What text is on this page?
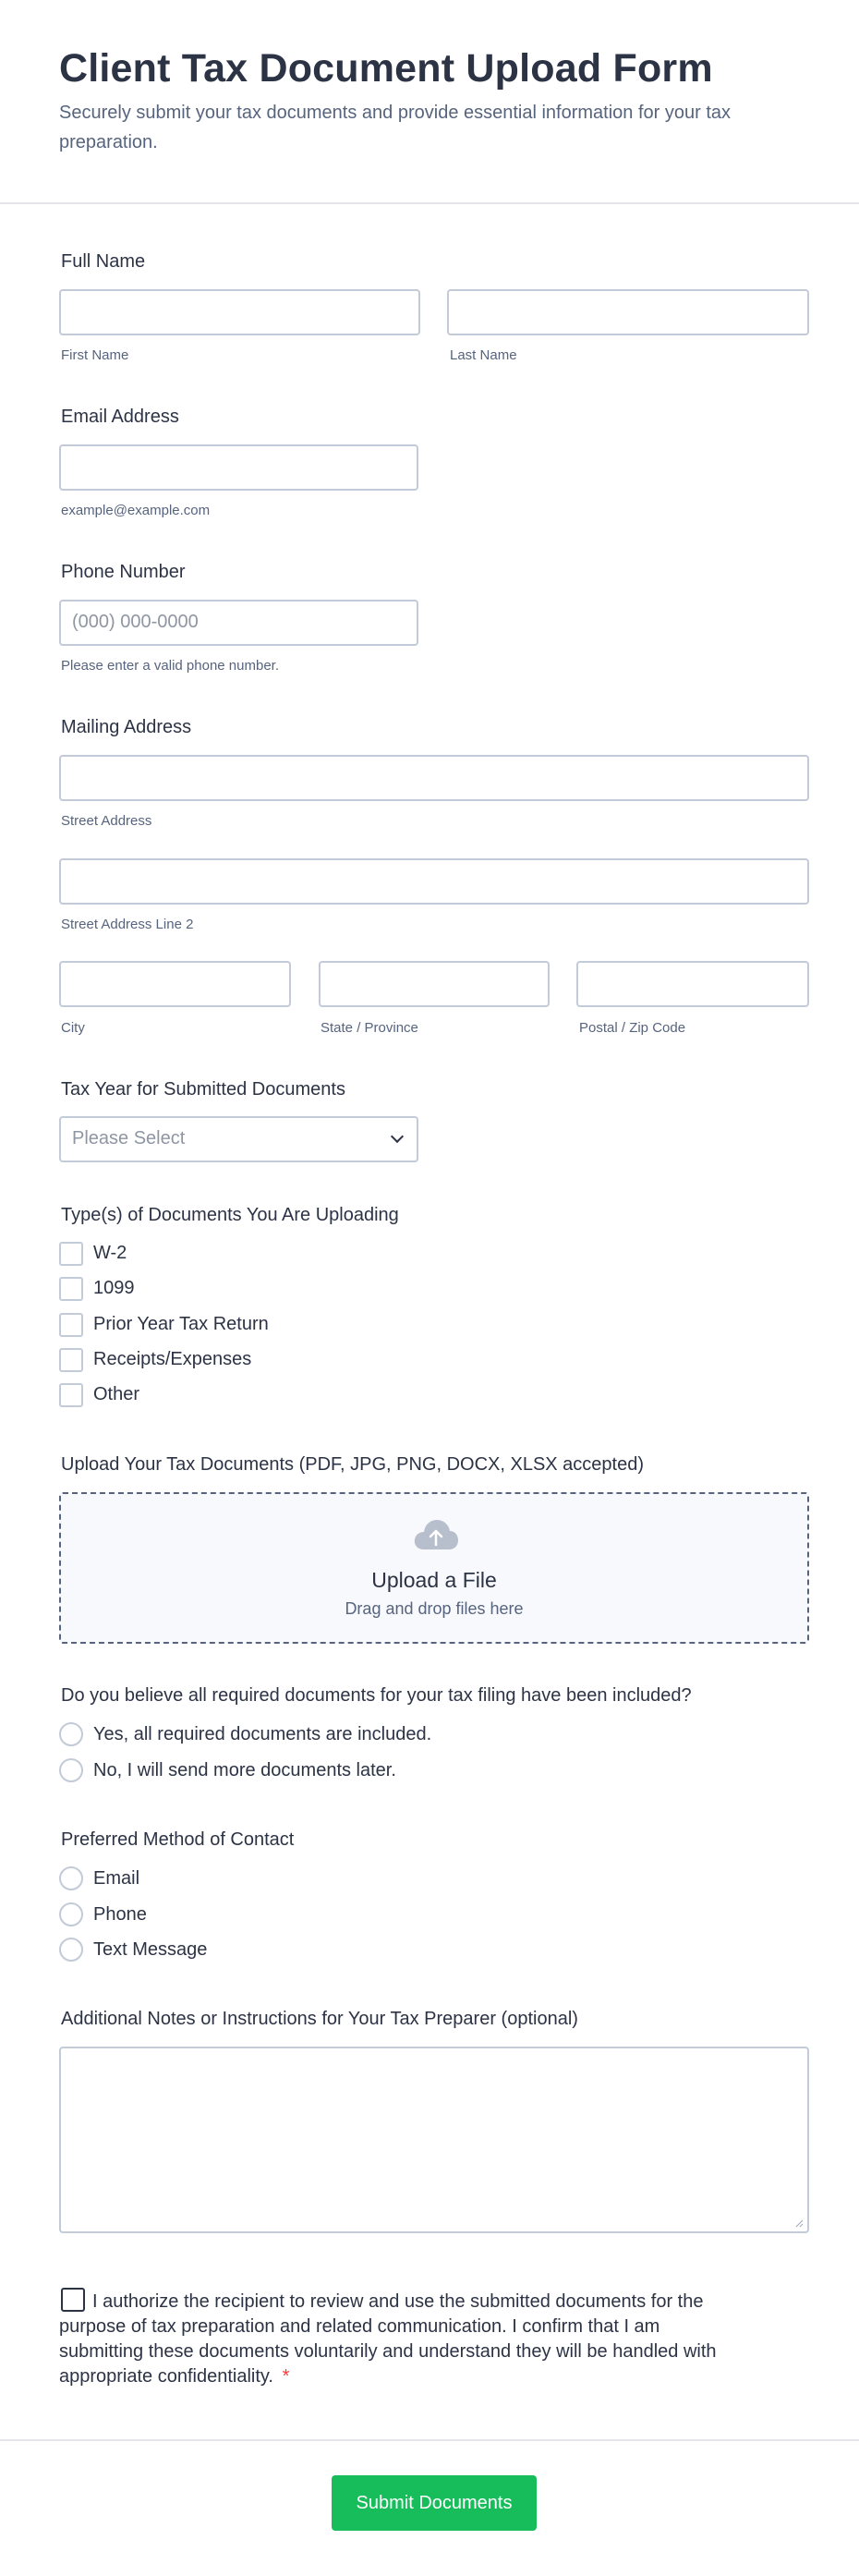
Client Tax Document Upload Form
Securely submit your tax documents and provide essential information for your tax preparation.
Full Name
First Name	Last Name
Email Address
example@example.com
Phone Number
(000) 000-0000
Please enter a valid phone number.
Mailing Address
Street Address
Street Address Line 2
City	State / Province	Postal / Zip Code
Tax Year for Submitted Documents
Please Select
Type(s) of Documents You Are Uploading
W-2
1099
Prior Year Tax Return
Receipts/Expenses
Other
Upload Your Tax Documents (PDF, JPG, PNG, DOCX, XLSX accepted)
Upload a File
Drag and drop files here
Do you believe all required documents for your tax filing have been included?
Yes, all required documents are included.
No, I will send more documents later.
Preferred Method of Contact
Email
Phone
Text Message
Additional Notes or Instructions for Your Tax Preparer (optional)
I authorize the recipient to review and use the submitted documents for the purpose of tax preparation and related communication. I confirm that I am submitting these documents voluntarily and understand they will be handled with appropriate confidentiality. *
Submit Documents
